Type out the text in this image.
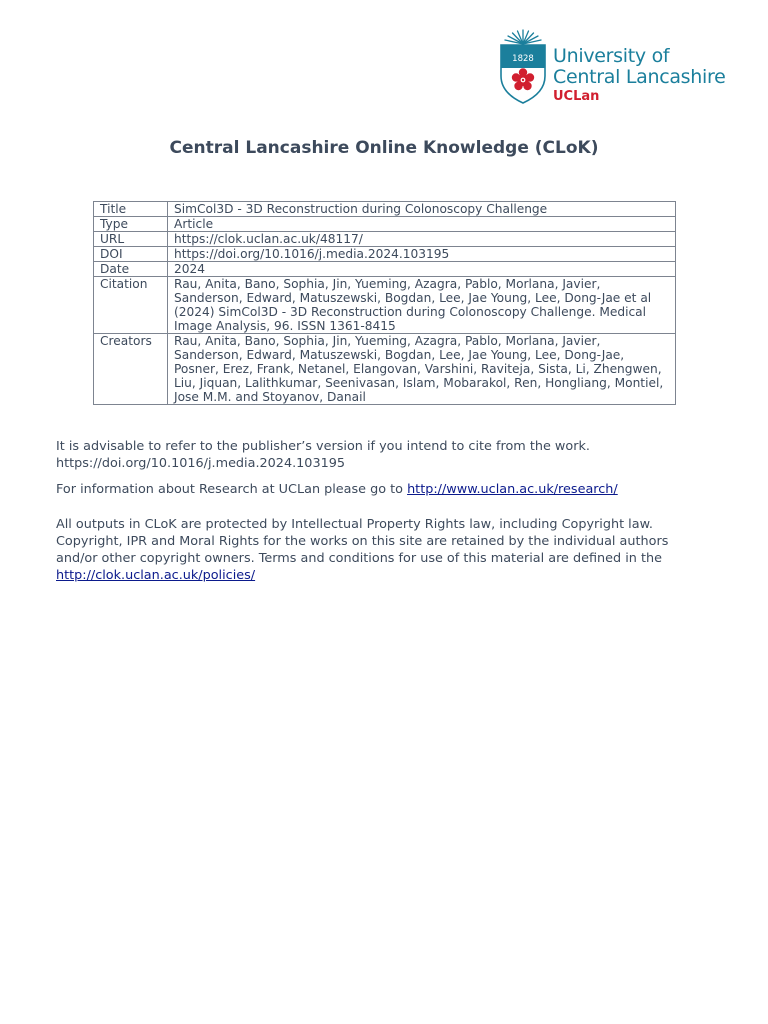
1828 University of
Central Lancashire
UCLan
Central Lancashire Online Knowledge (CLoK)
Title	SimCol3D - 3D Reconstruction during Colonoscopy Challenge
Type	Article
URL	https://clok.uclan.ac.uk/48117/
DOI	https://doi.org/10.1016/j.media.2024.103195
Date	2024
Citation	Rau, Anita, Bano, Sophia, Jin, Yueming, Azagra, Pablo, Morlana, Javier, Sanderson, Edward, Matuszewski, Bogdan, Lee, Jae Young, Lee, Dong-Jae et al (2024) SimCol3D - 3D Reconstruction during Colonoscopy Challenge. Medical Image Analysis, 96. ISSN 1361-8415
Creators	Rau, Anita, Bano, Sophia, Jin, Yueming, Azagra, Pablo, Morlana, Javier, Sanderson, Edward, Matuszewski, Bogdan, Lee, Jae Young, Lee, Dong-Jae, Posner, Erez, Frank, Netanel, Elangovan, Varshini, Raviteja, Sista, Li, Zhengwen, Liu, Jiquan, Lalithkumar, Seenivasan, Islam, Mobarakol, Ren, Hongliang, Montiel, Jose M.M. and Stoyanov, Danail

It is advisable to refer to the publisher’s version if you intend to cite from the work.
https://doi.org/10.1016/j.media.2024.103195

For information about Research at UCLan please go to http://www.uclan.ac.uk/research/

All outputs in CLoK are protected by Intellectual Property Rights law, including Copyright law. Copyright, IPR and Moral Rights for the works on this site are retained by the individual authors and/or other copyright owners. Terms and conditions for use of this material are defined in the
http://clok.uclan.ac.uk/policies/
